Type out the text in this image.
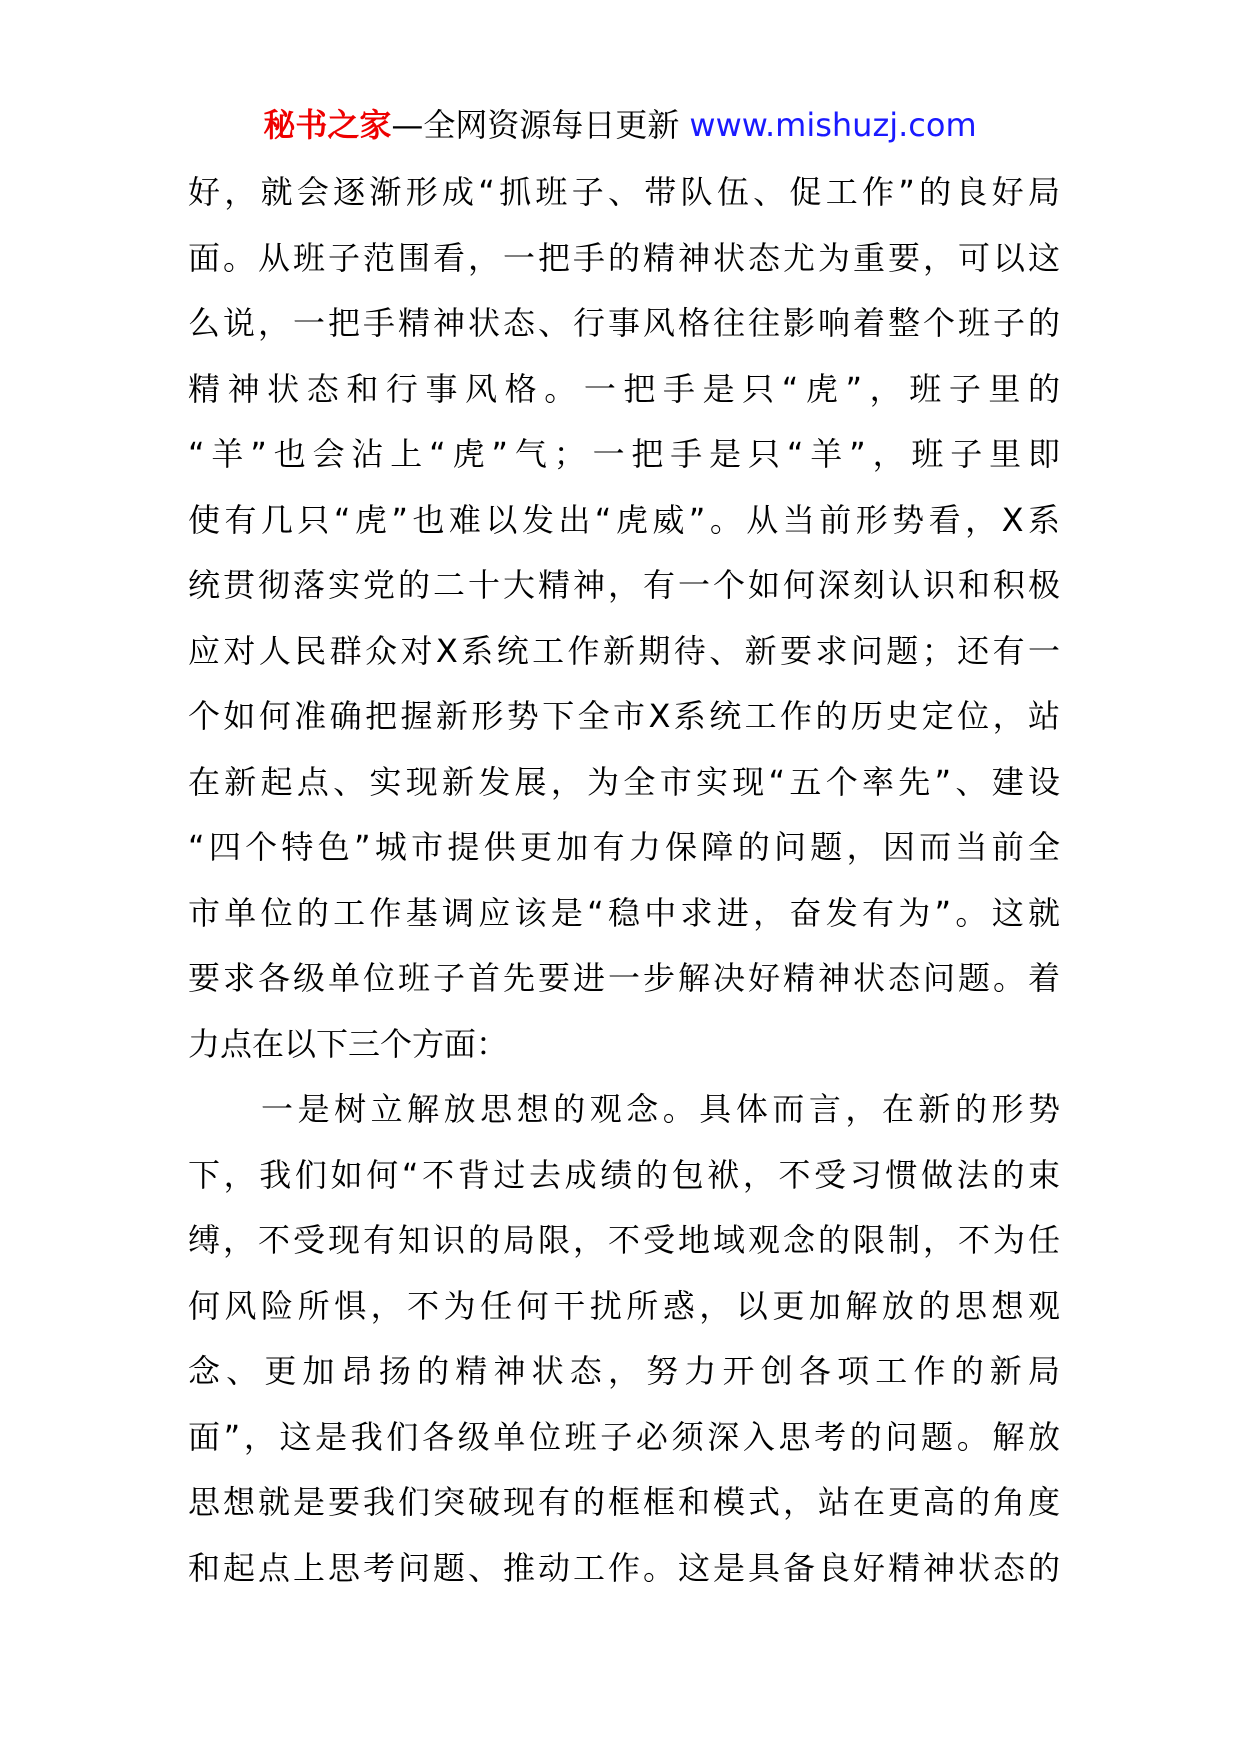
秘书之家—全网资源每日更新 www.mishuzj.com
好，就会逐渐形成“抓班子、带队伍、促工作”的良好局
面。从班子范围看，一把手的精神状态尤为重要，可以这
么说，一把手精神状态、行事风格往往影响着整个班子的
精神状态和行事风格。一把手是只“虎”，班子里的
“羊”也会沾上“虎”气；一把手是只“羊”，班子里即
使有几只“虎”也难以发出“虎威”。从当前形势看，X系
统贯彻落实党的二十大精神，有一个如何深刻认识和积极
应对人民群众对X系统工作新期待、新要求问题；还有一
个如何准确把握新形势下全市X系统工作的历史定位，站
在新起点、实现新发展，为全市实现“五个率先”、建设
“四个特色”城市提供更加有力保障的问题，因而当前全
市单位的工作基调应该是“稳中求进，奋发有为”。这就
要求各级单位班子首先要进一步解决好精神状态问题。着
力点在以下三个方面：
　　一是树立解放思想的观念。具体而言，在新的形势
下，我们如何“不背过去成绩的包袱，不受习惯做法的束
缚，不受现有知识的局限，不受地域观念的限制，不为任
何风险所惧，不为任何干扰所惑，以更加解放的思想观
念、更加昂扬的精神状态，努力开创各项工作的新局
面”，这是我们各级单位班子必须深入思考的问题。解放
思想就是要我们突破现有的框框和模式，站在更高的角度
和起点上思考问题、推动工作。这是具备良好精神状态的
